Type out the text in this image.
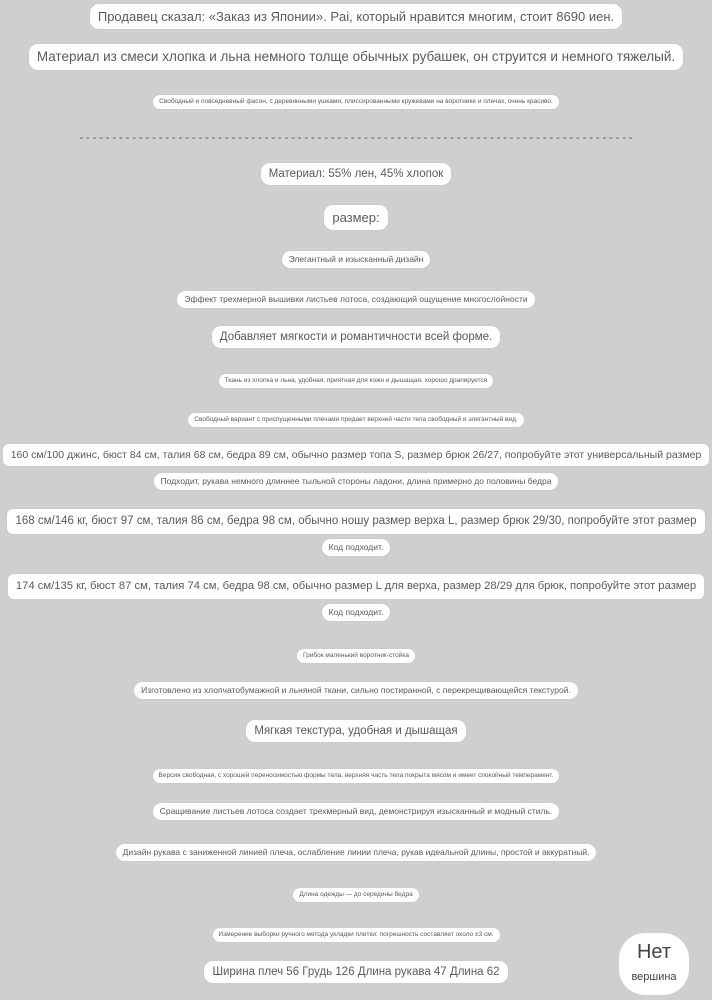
Продавец сказал: «Заказ из Японии». Pai, который нравится многим, стоит 8690 иен.
Материал из смеси хлопка и льна немного толще обычных рубашек, он струится и немного тяжелый.
Свободный и повседневный фасон, с деревянными ушками, плиссированными кружевами на воротнике и плечах, очень красиво.
------------------------------------------------------------------------------------
Материал: 55% лен, 45% хлопок
размер:
Элегантный и изысканный дизайн
Эффект трехмерной вышивки листьев лотоса, создающий ощущение многослойности
Добавляет мягкости и романтичности всей форме.
Ткань из хлопка и льна, удобная, приятная для кожи и дышащая, хорошо драпируется
Свободный вариант с приспущенными плечами придает верхней части тела свободный и элегантный вид.
160 см/100 джинс, бюст 84 см, талия 68 см, бедра 89 см, обычно размер топа S, размер брюк 26/27, попробуйте этот универсальный размер
Подходит, рукава немного длиннее тыльной стороны ладони, длина примерно до половины бедра
168 см/146 кг, бюст 97 см, талия 86 см, бедра 98 см, обычно ношу размер верха L, размер брюк 29/30, попробуйте этот размер
Код подходит.
174 см/135 кг, бюст 87 см, талия 74 см, бедра 98 см, обычно размер L для верха, размер 28/29 для брюк, попробуйте этот размер
Код подходит.
Грибок маленький воротник-стойка
Изготовлено из хлопчатобумажной и льняной ткани, сильно постиранной, с перекрещивающейся текстурой.
Мягкая текстура, удобная и дышащая
Версия свободная, с хорошей переносимостью формы тела, верхняя часть тела покрыта мясом и имеет спокойный темперамент.
Сращивание листьев лотоса создает трехмерный вид, демонстрируя изысканный и модный стиль.
Дизайн рукава с заниженной линией плеча, ослабление линии плеча, рукав идеальной длины, простой и аккуратный.
Длина одежды — до середины бедра
Измерение выборки ручного метода укладки плитки: погрешность составляет около ±3 см.
Ширина плеч 56 Грудь 126 Длина рукава 47 Длина 62
Нет
вершина
